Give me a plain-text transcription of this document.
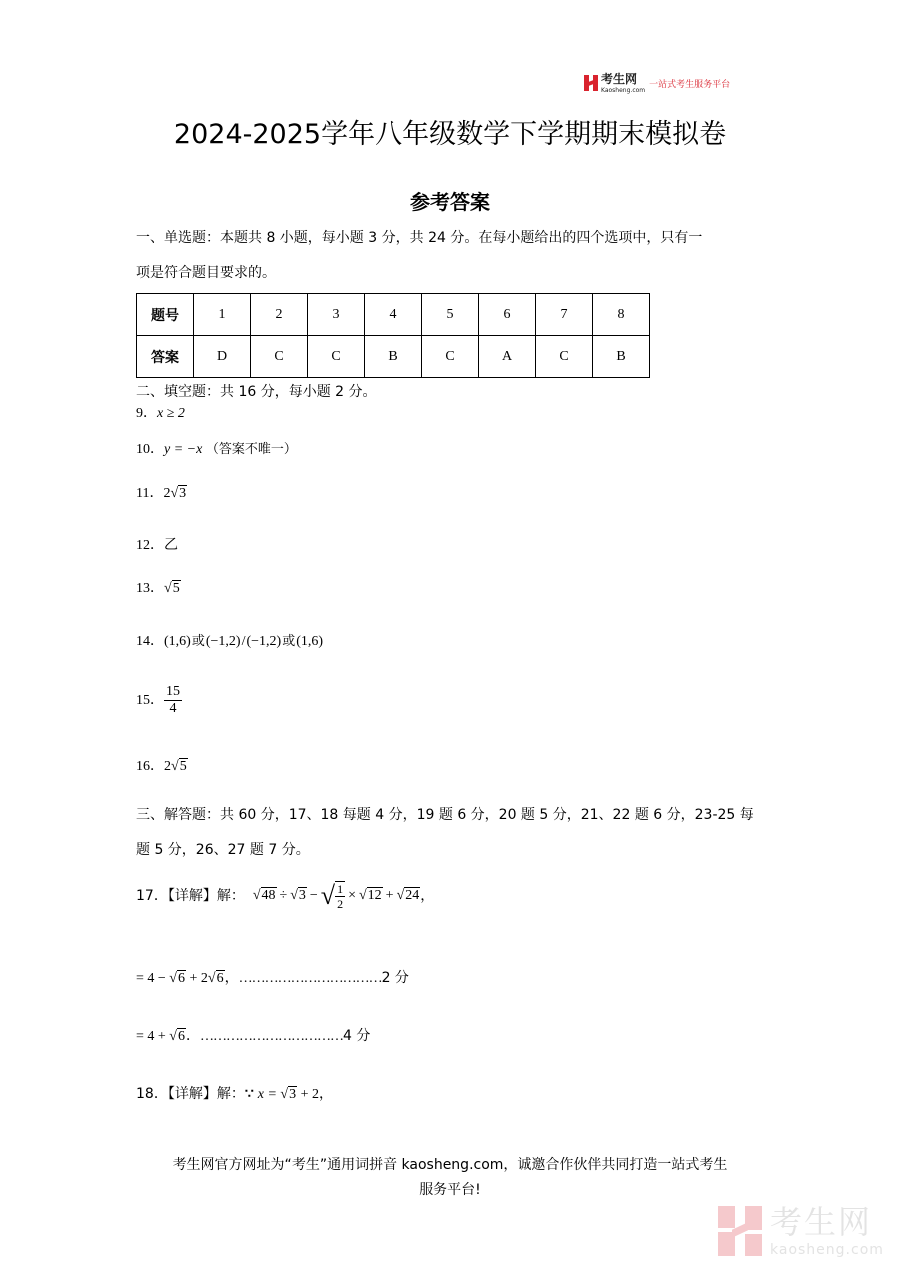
考生网
Kaosheng.com
一站式考生服务平台
2024-2025学年八年级数学下学期期末模拟卷
参考答案
一、单选题：本题共 8 小题，每小题 3 分，共 24 分。在每小题给出的四个选项中，只有一
项是符合题目要求的。
题号	1	2	3	4	5	6	7	8
答案	D	C	C	B	C	A	C	B
二、填空题：共 16 分，每小题 2 分。
9．x ≥ 2
10．y = −x （答案不唯一）
11．2√3
12．乙
13．√5
14．(1,6)或(−1,2)/(−1,2)或(1,6)
15． $\frac{15}{4}$
16．2√5
三、解答题：共 60 分，17、18 每题 4 分，19 题 6 分，20 题 5 分，21、22 题 6 分，23-25 每
题 5 分，26、27 题 7 分。
17．【详解】解： √48 ÷ √3 − √ $\frac{1}{2} \times √12 + √24$ ，
= 4 − √6 + 2√6，……………………………2 分
= 4 + √6．……………………………4 分
18．【详解】解：∵ x = √3 + 2，
考生网官方网址为“考生”通用词拼音 kaosheng.com，诚邀合作伙伴共同打造一站式考生
服务平台!
考生网
kaosheng.com
